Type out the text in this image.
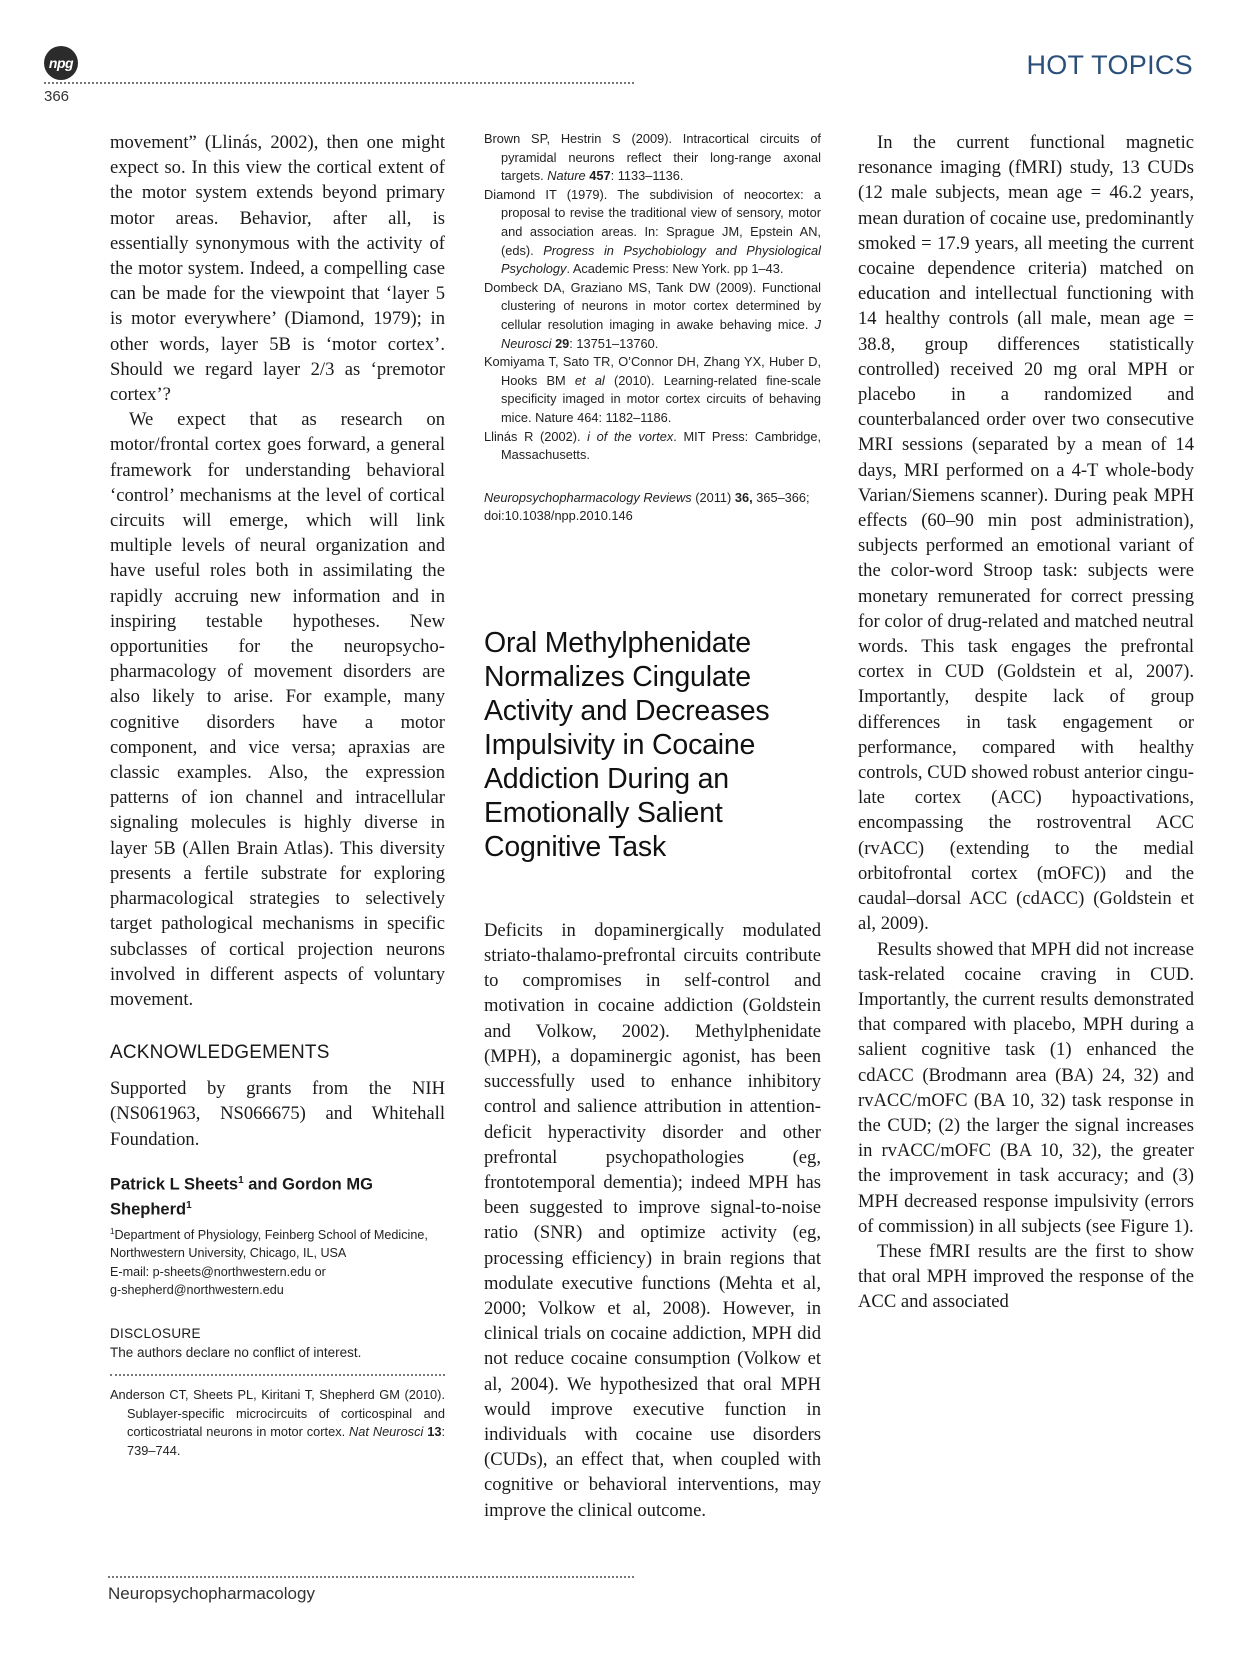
npg
366
HOT TOPICS

movement” (Llinás, 2002), then one might expect so. In this view the cortical extent of the motor system extends beyond primary motor areas. Behavior, after all, is essentially synonymous with the activity of the motor system. Indeed, a compelling case can be made for the viewpoint that ‘layer 5 is motor everywhere’ (Diamond, 1979); in other words, layer 5B is ‘motor cortex’. Should we regard layer 2/3 as ‘premotor cortex’?

We expect that as research on motor/frontal cortex goes forward, a general framework for understanding behavioral ‘control’ mechanisms at the level of cortical circuits will emerge, which will link multiple levels of neural organization and have useful roles both in assimilating the rapidly accruing new information and in inspiring testable hypotheses. New opportunities for the neuropsychopharmacology of movement disorders are also likely to arise. For example, many cognitive disorders have a motor component, and vice versa; apraxias are classic examples. Also, the expression patterns of ion channel and intracellular signaling molecules is highly diverse in layer 5B (Allen Brain Atlas). This diversity presents a fertile substrate for exploring pharmacological strategies to selectively target pathological mechanisms in specific subclasses of cortical projection neurons involved in different aspects of voluntary movement.

ACKNOWLEDGEMENTS

Supported by grants from the NIH (NS061963, NS066675) and Whitehall Foundation.

Patrick L Sheets$^1$ and Gordon MG Shepherd$^1$
$^1$Department of Physiology, Feinberg School of Medicine, Northwestern University, Chicago, IL, USA
E-mail: p-sheets@northwestern.edu or
g-shepherd@northwestern.edu
DISCLOSURE
The authors declare no conflict of interest.
Anderson CT, Sheets PL, Kiritani T, Shepherd GM (2010). Sublayer-specific microcircuits of corticospinal and corticostriatal neurons in motor cortex. Nat Neurosci 13: 739–744.
Brown SP, Hestrin S (2009). Intracortical circuits of pyramidal neurons reflect their long-range axonal targets. Nature 457: 1133–1136.
Diamond IT (1979). The subdivision of neocortex: a proposal to revise the traditional view of sensory, motor and association areas. In: Sprague JM, Epstein AN, (eds). Progress in Psychobiology and Physiological Psychology. Academic Press: New York. pp 1–43.
Dombeck DA, Graziano MS, Tank DW (2009). Functional clustering of neurons in motor cortex determined by cellular resolution imaging in awake behaving mice. J Neurosci 29: 13751–13760.
Komiyama T, Sato TR, O’Connor DH, Zhang YX, Huber D, Hooks BM et al (2010). Learning-related fine-scale specificity imaged in motor cortex circuits of behaving mice. Nature 464: 1182–1186.
Llinás R (2002). i of the vortex. MIT Press: Cambridge, Massachusetts.
Neuropsychopharmacology Reviews (2011) 36, 365–366; doi:10.1038/npp.2010.146
Oral Methylphenidate Normalizes Cingulate Activity and Decreases Impulsivity in Cocaine Addiction During an Emotionally Salient Cognitive Task

Deficits in dopaminergically modulated striato-thalamo-prefrontal circuits contribute to compromises in self-control and motivation in cocaine addiction (Goldstein and Volkow, 2002). Methylphenidate (MPH), a dopaminergic agonist, has been successfully used to enhance inhibitory control and salience attribution in attention-deficit hyperactivity disorder and other prefrontal psychopathologies (eg, frontotemporal dementia); indeed MPH has been suggested to improve signal-to-noise ratio (SNR) and optimize activity (eg, processing efficiency) in brain regions that modulate executive functions (Mehta et al, 2000; Volkow et al, 2008). However, in clinical trials on cocaine addiction, MPH did not reduce cocaine consumption (Volkow et al, 2004). We hypothesized that oral MPH would improve executive function in individuals with cocaine use disorders (CUDs), an effect that, when coupled with cognitive or behavioral interventions, may improve the clinical outcome.

In the current functional magnetic resonance imaging (fMRI) study, 13 CUDs (12 male subjects, mean age = 46.2 years, mean duration of cocaine use, predominantly smoked = 17.9 years, all meeting the current cocaine dependence criteria) matched on education and intellectual functioning with 14 healthy controls (all male, mean age = 38.8, group differences statistically controlled) received 20 mg oral MPH or placebo in a randomized and counterbalanced order over two consecutive MRI sessions (separated by a mean of 14 days, MRI performed on a 4-T whole-body Varian/Siemens scanner). During peak MPH effects (60–90 min post administration), subjects performed an emotional variant of the color-word Stroop task: subjects were monetary remunerated for correct pressing for color of drug-related and matched neutral words. This task engages the prefrontal cortex in CUD (Goldstein et al, 2007). Importantly, despite lack of group differences in task engagement or performance, compared with healthy controls, CUD showed robust anterior cingulate cortex (ACC) hypoactivations, encompassing the rostroventral ACC (rvACC) (extending to the medial orbitofrontal cortex (mOFC)) and the caudal–dorsal ACC (cdACC) (Goldstein et al, 2009).

Results showed that MPH did not increase task-related cocaine craving in CUD. Importantly, the current results demonstrated that compared with placebo, MPH during a salient cognitive task (1) enhanced the cdACC (Brodmann area (BA) 24, 32) and rvACC/mOFC (BA 10, 32) task response in the CUD; (2) the larger the signal increases in rvACC/mOFC (BA 10, 32), the greater the improvement in task accuracy; and (3) MPH decreased response impulsivity (errors of commission) in all subjects (see Figure 1).

These fMRI results are the first to show that oral MPH improved the response of the ACC and associated

Neuropsychopharmacology
